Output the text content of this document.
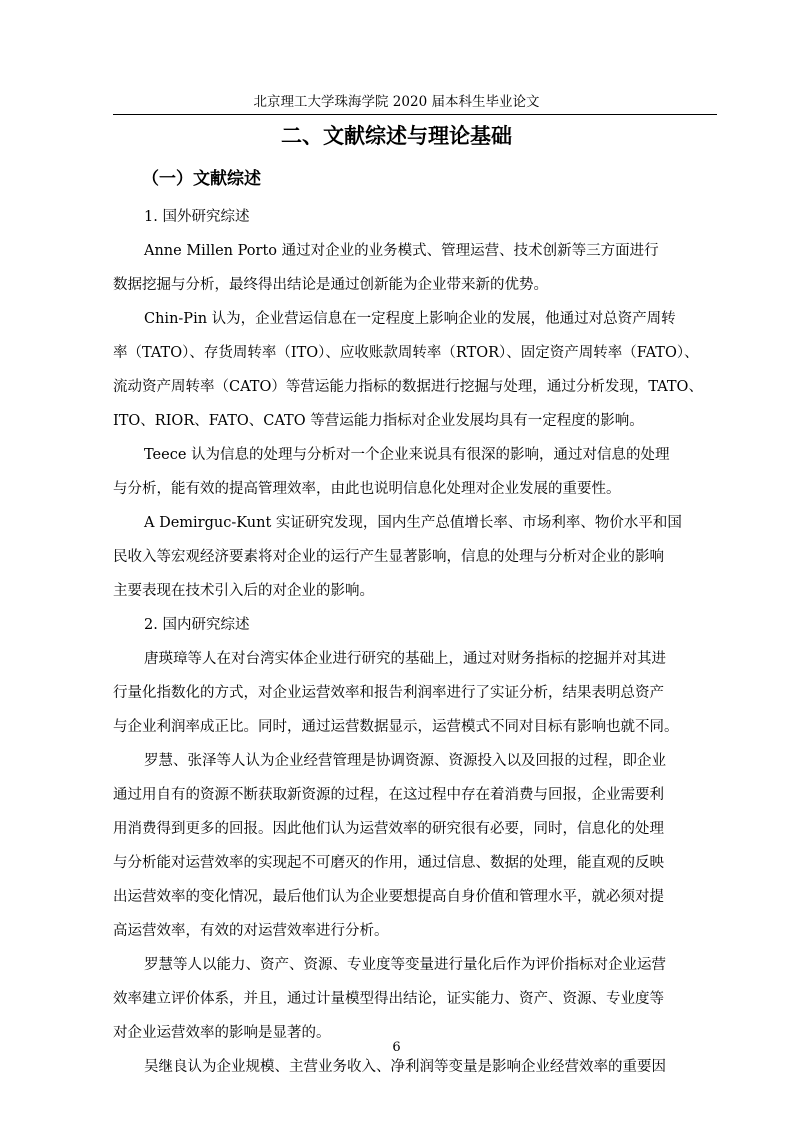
北京理工大学珠海学院 2020 届本科生毕业论文
二、文献综述与理论基础
（一）文献综述
1. 国外研究综述
Anne Millen Porto 通过对企业的业务模式、管理运营、技术创新等三方面进行
数据挖掘与分析，最终得出结论是通过创新能为企业带来新的优势。
Chin-Pin 认为，企业营运信息在一定程度上影响企业的发展，他通过对总资产周转
率（TATO）、存货周转率（ITO）、应收账款周转率（RTOR）、固定资产周转率（FATO）、
流动资产周转率（CATO）等营运能力指标的数据进行挖掘与处理，通过分析发现，TATO、
ITO、RIOR、FATO、CATO 等营运能力指标对企业发展均具有一定程度的影响。
Teece 认为信息的处理与分析对一个企业来说具有很深的影响，通过对信息的处理
与分析，能有效的提高管理效率，由此也说明信息化处理对企业发展的重要性。
A Demirguc-Kunt 实证研究发现，国内生产总值增长率、市场利率、物价水平和国
民收入等宏观经济要素将对企业的运行产生显著影响，信息的处理与分析对企业的影响
主要表现在技术引入后的对企业的影响。
2. 国内研究综述
唐瑛璋等人在对台湾实体企业进行研究的基础上，通过对财务指标的挖掘并对其进
行量化指数化的方式，对企业运营效率和报告利润率进行了实证分析，结果表明总资产
与企业利润率成正比。同时，通过运营数据显示，运营模式不同对目标有影响也就不同。
罗慧、张泽等人认为企业经营管理是协调资源、资源投入以及回报的过程，即企业
通过用自有的资源不断获取新资源的过程，在这过程中存在着消费与回报，企业需要利
用消费得到更多的回报。因此他们认为运营效率的研究很有必要，同时，信息化的处理
与分析能对运营效率的实现起不可磨灭的作用，通过信息、数据的处理，能直观的反映
出运营效率的变化情况，最后他们认为企业要想提高自身价值和管理水平，就必须对提
高运营效率，有效的对运营效率进行分析。
罗慧等人以能力、资产、资源、专业度等变量进行量化后作为评价指标对企业运营
效率建立评价体系，并且，通过计量模型得出结论，证实能力、资产、资源、专业度等
对企业运营效率的影响是显著的。
吴继良认为企业规模、主营业务收入、净利润等变量是影响企业经营效率的重要因
6
